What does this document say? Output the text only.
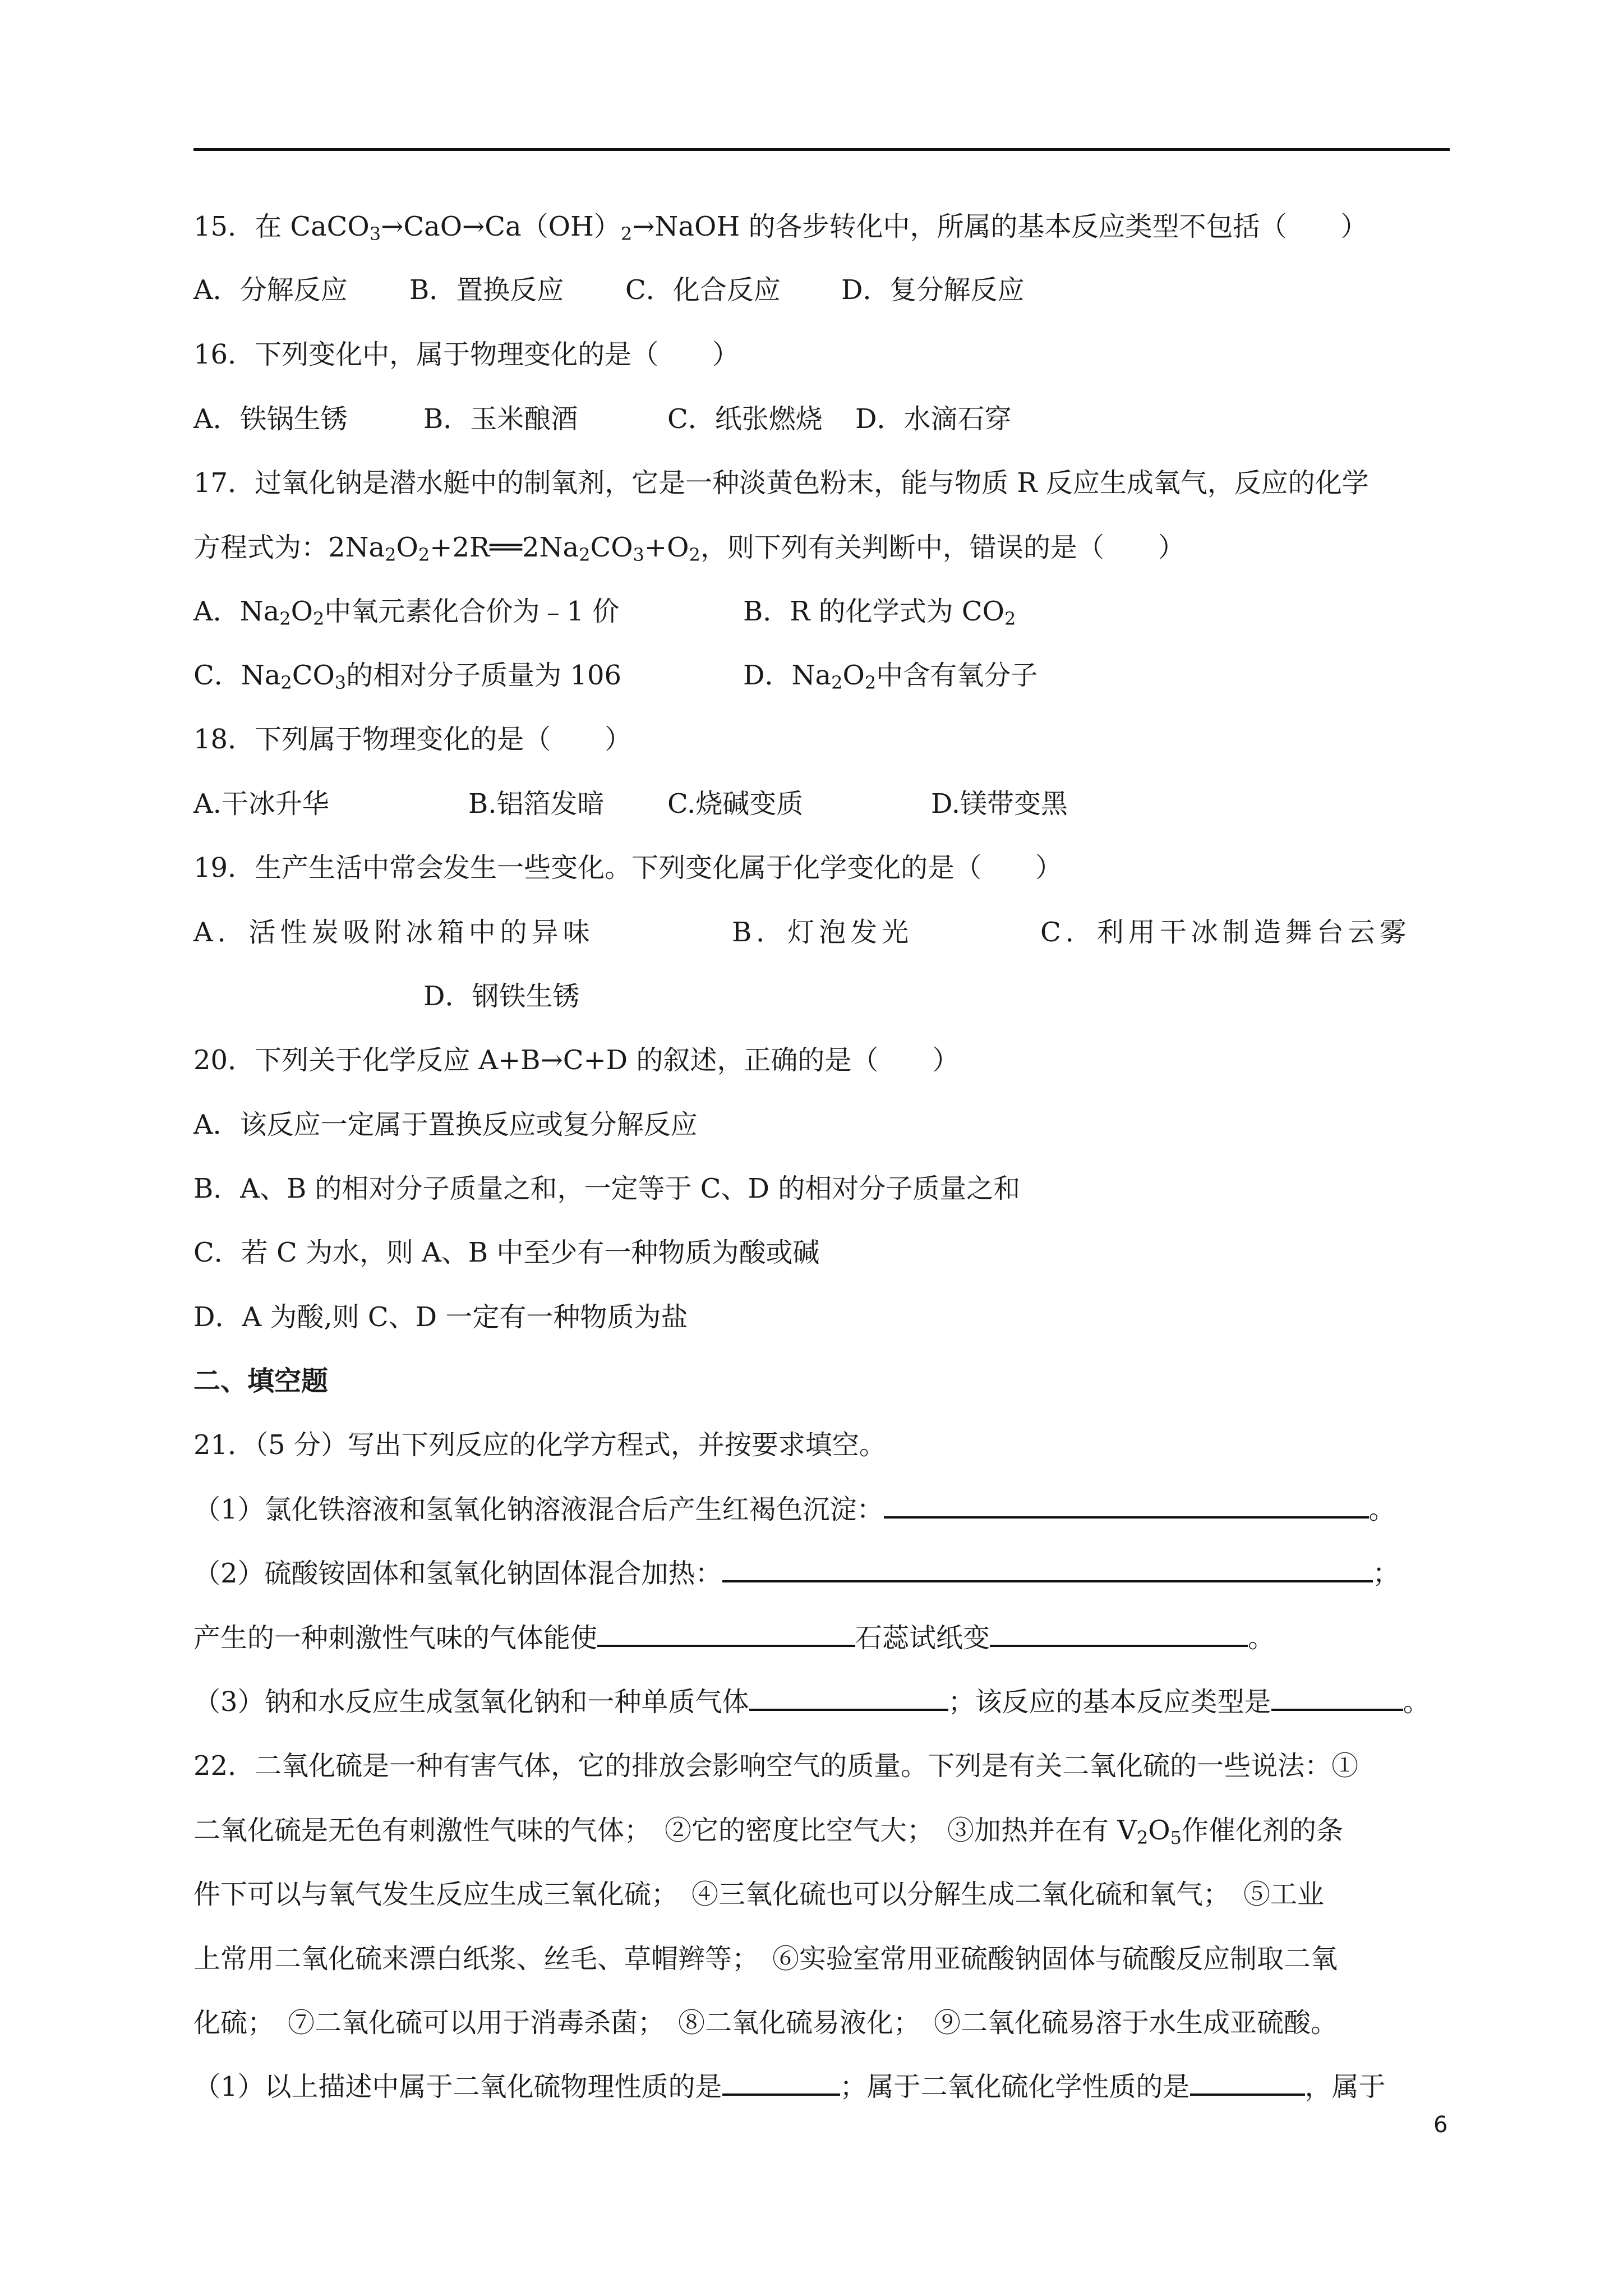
15．在 $CaCO_3\to CaO\to Ca(OH)_2\to NaOH$ 的各步转化中，所属的基本反应类型不包括（　　）
A．分解反应 B．置换反应 C．化合反应 D．复分解反应
16．下列变化中，属于物理变化的是（　　）
A．铁锅生锈	B．玉米酿酒	C．纸张燃烧 D．水滴石穿
17．过氧化钠是潜水艇中的制氧剂，它是一种淡黄色粉末，能与物质 R 反应生成氧气，反应的化学
方程式为：$2Na_2O_2+2R══2Na_2CO_3+O_2$，则下列有关判断中，错误的是（　　）
A．$Na_2O_2$中氧元素化合价为﹣1 价	B．R 的化学式为 $CO_2$
C．$Na_2CO_3$的相对分子质量为 106	D．$Na_2O_2$中含有氧分子
18．下列属于物理变化的是（　　）
A.干冰升华	B.铝箔发暗 C.烧碱变质	D.镁带变黑
19．生产生活中常会发生一些变化。下列变化属于化学变化的是（　　）
A．活性炭吸附冰箱中的异味	B．灯泡发光	C．利用干冰制造舞台云雾
D．钢铁生锈
20．下列关于化学反应 A+B→C+D 的叙述，正确的是（　　）
A．该反应一定属于置换反应或复分解反应
B．A、B 的相对分子质量之和，一定等于 C、D 的相对分子质量之和
C．若 C 为水，则 A、B 中至少有一种物质为酸或碱
D．A 为酸,则 C、D 一定有一种物质为盐
二、填空题
21．（5 分）写出下列反应的化学方程式，并按要求填空。
（1）氯化铁溶液和氢氧化钠溶液混合后产生红褐色沉淀：	。
（2）硫酸铵固体和氢氧化钠固体混合加热：	；
产生的一种刺激性气味的气体能使	石蕊试纸变	。
（3）钠和水反应生成氢氧化钠和一种单质气体	；该反应的基本反应类型是	。
22．二氧化硫是一种有害气体，它的排放会影响空气的质量。下列是有关二氧化硫的一些说法：①
二氧化硫是无色有刺激性气味的气体；　②它的密度比空气大；　③加热并在有 $V_2O_5$作催化剂的条
件下可以与氧气发生反应生成三氧化硫；　④三氧化硫也可以分解生成二氧化硫和氧气；　⑤工业
上常用二氧化硫来漂白纸浆、丝毛、草帽辫等；　⑥实验室常用亚硫酸钠固体与硫酸反应制取二氧
化硫；　⑦二氧化硫可以用于消毒杀菌；　⑧二氧化硫易液化；　⑨二氧化硫易溶于水生成亚硫酸。
（1）以上描述中属于二氧化硫物理性质的是	；属于二氧化硫化学性质的是	，属于
6
